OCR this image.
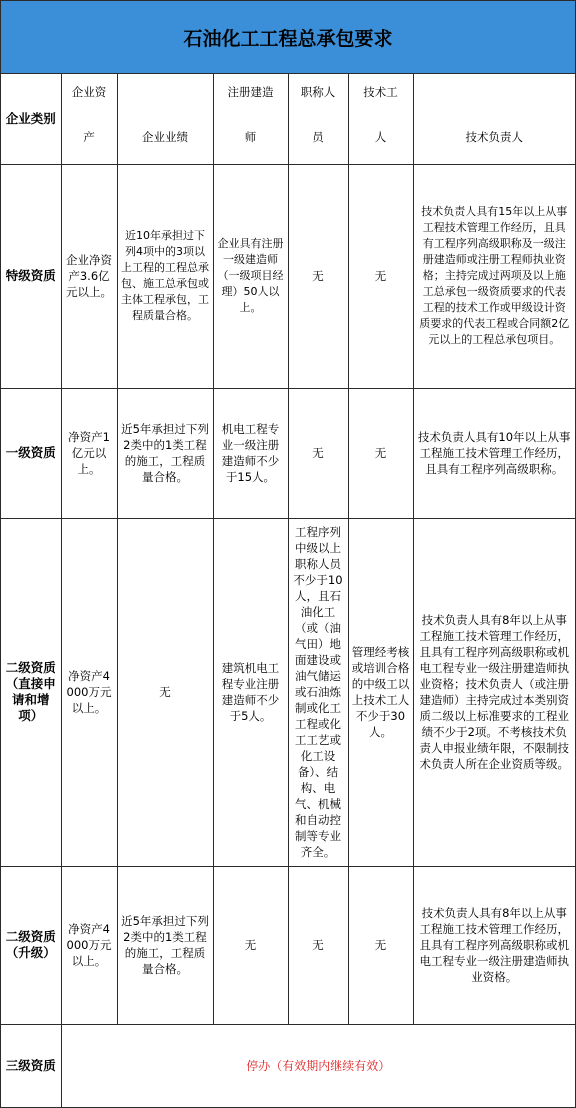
石油化工工程总承包要求
企业类别	企业资		注册建造	职称人	技术工	
	产	企业业绩	师	员	人	技术负责人
特级资质	企业净资产3.6亿元以上。	近10年承担过下列4项中的3项以上工程的工程总承包、施工总承包或主体工程承包，工程质量合格。	企业具有注册一级建造师（一级项目经理）50人以上。	无	无	技术负责人具有15年以上从事工程技术管理工作经历，且具有工程序列高级职称及一级注册建造师或注册工程师执业资格；主持完成过两项及以上施工总承包一级资质要求的代表工程的技术工作或甲级设计资质要求的代表工程或合同额2亿元以上的工程总承包项目。
一级资质	净资产1亿元以上。	近5年承担过下列2类中的1类工程的施工，工程质量合格。	机电工程专业一级注册建造师不少于15人。	无	无	技术负责人具有10年以上从事工程施工技术管理工作经历，且具有工程序列高级职称。
二级资质（直接申请和增项）	净资产4000万元以上。	无	建筑机电工程专业注册建造师不少于5人。	工程序列中级以上职称人员不少于10人，且石油化工（或（油气田）地面建设或油气储运或石油炼制或化工工程或化工工艺或化工设备）、结构、电气、机械和自动控制等专业齐全。	管理经考核或培训合格的中级工以上技术工人不少于30人。	技术负责人具有8年以上从事工程施工技术管理工作经历，且具有工程序列高级职称或机电工程专业一级注册建造师执业资格；技术负责人（或注册建造师）主持完成过本类别资质二级以上标准要求的工程业绩不少于2项。不考核技术负责人申报业绩年限，不限制技术负责人所在企业资质等级。
二级资质（升级）	净资产4000万元以上。	近5年承担过下列2类中的1类工程的施工，工程质量合格。	无	无	无	技术负责人具有8年以上从事工程施工技术管理工作经历，且具有工程序列高级职称或机电工程专业一级注册建造师执业资格。
三级资质	停办（有效期内继续有效）					
